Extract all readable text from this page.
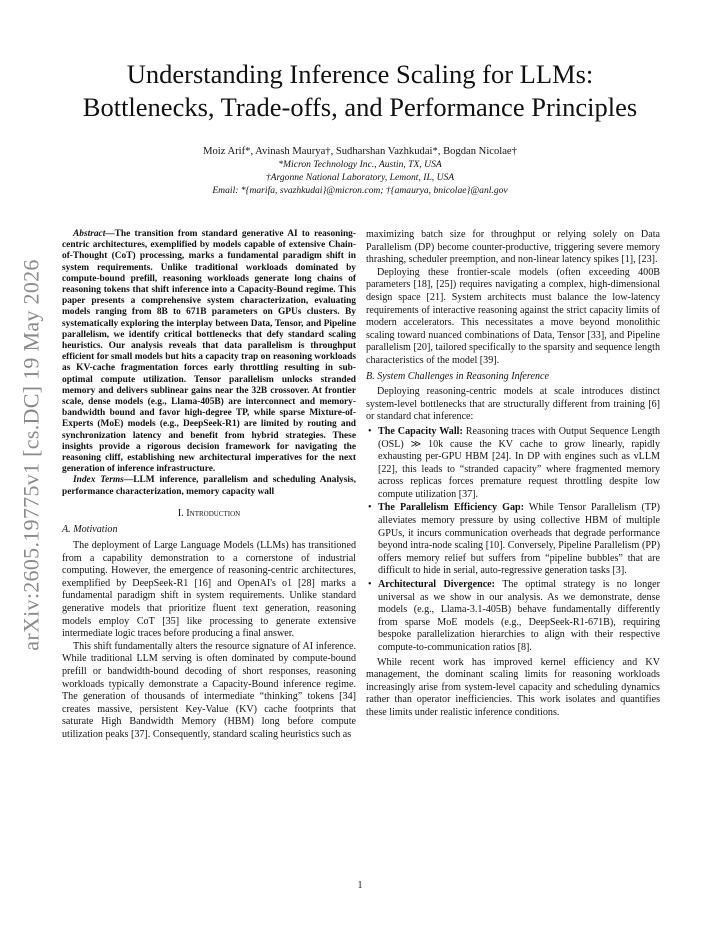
Understanding Inference Scaling for LLMs:
Bottlenecks, Trade-offs, and Performance Principles
Moiz Arif*, Avinash Maurya†, Sudharshan Vazhkudai*, Bogdan Nicolae†
*Micron Technology Inc., Austin, TX, USA
†Argonne National Laboratory, Lemont, IL, USA
Email: *{marifa, svazhkudai}@micron.com; †{amaurya, bnicolae}@anl.gov
arXiv:2605.19775v1 [cs.DC] 19 May 2026

Abstract—The transition from standard generative AI to reasoning-centric architectures, exemplified by models capable of extensive Chain-of-Thought (CoT) processing, marks a fundamental paradigm shift in system requirements. Unlike traditional workloads dominated by compute-bound prefill, reasoning workloads generate long chains of reasoning tokens that shift inference into a Capacity-Bound regime. This paper presents a comprehensive system characterization, evaluating models ranging from 8B to 671B parameters on GPUs clusters. By systematically exploring the interplay between Data, Tensor, and Pipeline parallelism, we identify critical bottlenecks that defy standard scaling heuristics. Our analysis reveals that data parallelism is throughput efficient for small models but hits a capacity trap on reasoning workloads as KV-cache fragmentation forces early throttling resulting in sub-optimal compute utilization. Tensor parallelism unlocks stranded memory and delivers sublinear gains near the 32B crossover. At frontier scale, dense models (e.g., Llama-405B) are interconnect and memory-bandwidth bound and favor high-degree TP, while sparse Mixture-of-Experts (MoE) models (e.g., DeepSeek-R1) are limited by routing and synchronization latency and benefit from hybrid strategies. These insights provide a rigorous decision framework for navigating the reasoning cliff, establishing new architectural imperatives for the next generation of inference infrastructure.

Index Terms—LLM inference, parallelism and scheduling Analysis, performance characterization, memory capacity wall

I. Introduction
A. Motivation

The deployment of Large Language Models (LLMs) has transitioned from a capability demonstration to a cornerstone of industrial computing. However, the emergence of reasoning-centric architectures, exemplified by DeepSeek-R1 [16] and OpenAI's o1 [28] marks a fundamental paradigm shift in system requirements. Unlike standard generative models that prioritize fluent text generation, reasoning models employ CoT [35] like processing to generate extensive intermediate logic traces before producing a final answer.

This shift fundamentally alters the resource signature of AI inference. While traditional LLM serving is often dominated by compute-bound prefill or bandwidth-bound decoding of short responses, reasoning workloads typically demonstrate a Capacity-Bound inference regime. The generation of thousands of intermediate “thinking” tokens [34] creates massive, persistent Key-Value (KV) cache footprints that saturate High Bandwidth Memory (HBM) long before compute utilization peaks [37]. Consequently, standard scaling heuristics such as

maximizing batch size for throughput or relying solely on Data Parallelism (DP) become counter-productive, triggering severe memory thrashing, scheduler preemption, and non-linear latency spikes [1], [23].

Deploying these frontier-scale models (often exceeding 400B parameters [18], [25]) requires navigating a complex, high-dimensional design space [21]. System architects must balance the low-latency requirements of interactive reasoning against the strict capacity limits of modern accelerators. This necessitates a move beyond monolithic scaling toward nuanced combinations of Data, Tensor [33], and Pipeline parallelism [20], tailored specifically to the sparsity and sequence length characteristics of the model [39].

B. System Challenges in Reasoning Inference

Deploying reasoning-centric models at scale introduces distinct system-level bottlenecks that are structurally different from training [6] or standard chat inference:

• The Capacity Wall: Reasoning traces with Output Sequence Length (OSL) ≫ 10k cause the KV cache to grow linearly, rapidly exhausting per-GPU HBM [24]. In DP with engines such as vLLM [22], this leads to “stranded capacity” where fragmented memory across replicas forces premature request throttling despite low compute utilization [37].
• The Parallelism Efficiency Gap: While Tensor Parallelism (TP) alleviates memory pressure by using collective HBM of multiple GPUs, it incurs communication overheads that degrade performance beyond intra-node scaling [10]. Conversely, Pipeline Parallelism (PP) offers memory relief but suffers from “pipeline bubbles” that are difficult to hide in serial, auto-regressive generation tasks [3].
• Architectural Divergence: The optimal strategy is no longer universal as we show in our analysis. As we demonstrate, dense models (e.g., Llama-3.1-405B) behave fundamentally differently from sparse MoE models (e.g., DeepSeek-R1-671B), requiring bespoke parallelization hierarchies to align with their respective compute-to-communication ratios [8].

While recent work has improved kernel efficiency and KV management, the dominant scaling limits for reasoning workloads increasingly arise from system-level capacity and scheduling dynamics rather than operator inefficiencies. This work isolates and quantifies these limits under realistic inference conditions.

1
